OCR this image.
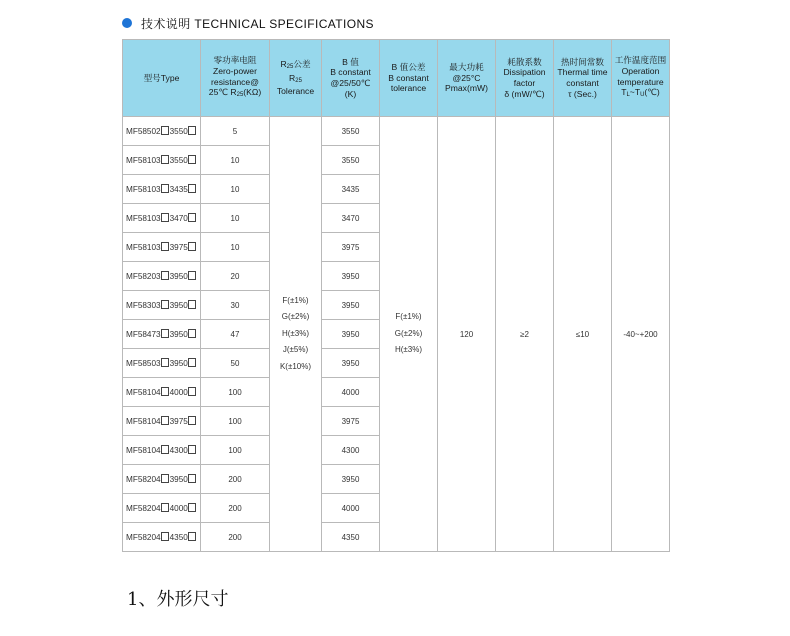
技术说明 TECHNICAL SPECIFICATIONS
型号Type	零功率电阻
Zero-power
resistance@
25℃ R25(KΩ)	R25公差
R25
Tolerance	B 值
B constant
@25/50℃
(K)	B 值公差
B constant
tolerance	最大功耗
@25°C
Pmax(mW)	耗散系数
Dissipation
factor
δ (mW/℃)	热时间常数
Thermal time
constant
τ (Sec.)	工作温度范围
Operation
temperature
TL~TU(℃)
MF58502 3550	5	F(±1%)
G(±2%)
H(±3%)
J(±5%)
K(±10%)	3550	F(±1%)
G(±2%)
H(±3%)	120	≥2	≤10	-40~+200
MF58103 3550	10		3550					
MF58103 3435	10		3435					
MF58103 3470	10		3470					
MF58103 3975	10		3975					
MF58203 3950	20		3950					
MF58303 3950	30		3950					
MF58473 3950	47		3950					
MF58503 3950	50		3950					
MF58104 4000	100		4000					
MF58104 3975	100		3975					
MF58104 4300	100		4300					
MF58204 3950	200		3950					
MF58204 4000	200		4000					
MF58204 4350	200		4350					
1、外形尺寸
